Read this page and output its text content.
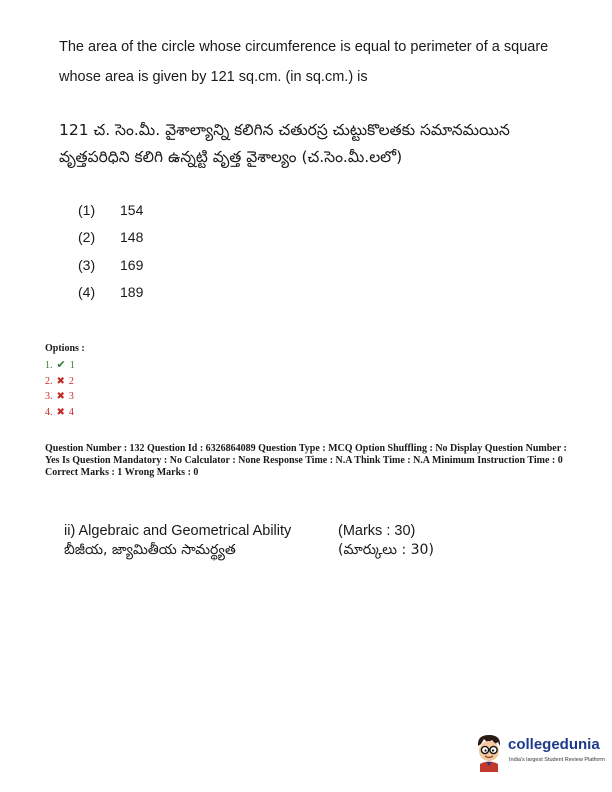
The area of the circle whose circumference is equal to perimeter of a square
whose area is given by 121 sq.cm. (in sq.cm.) is
121 చ. సెం.మీ. వైశాల్యాన్ని కలిగిన చతురస్ర చుట్టుకొలతకు సమానమయిన
వృత్తపరిధిని కలిగి ఉన్నట్టి వృత్త వైశాల్యం (చ.సెం.మీ.లలో)
(1)	154
(2)	148
(3)	169
(4)	189
Options :
1. ✔ 1
2. ✖ 2
3. ✖ 3
4. ✖ 4
Question Number : 132 Question Id : 6326864089 Question Type : MCQ Option Shuffling : No Display Question Number : Yes Is Question Mandatory : No Calculator : None Response Time : N.A Think Time : N.A Minimum Instruction Time : 0
Correct Marks : 1 Wrong Marks : 0
ii) Algebraic and Geometrical Ability
బీజీయ, జ్యామితీయ సామర్థ్యత
(Marks : 30)
(మార్కులు : 30)
collegedunia
India's largest Student Review Platform
